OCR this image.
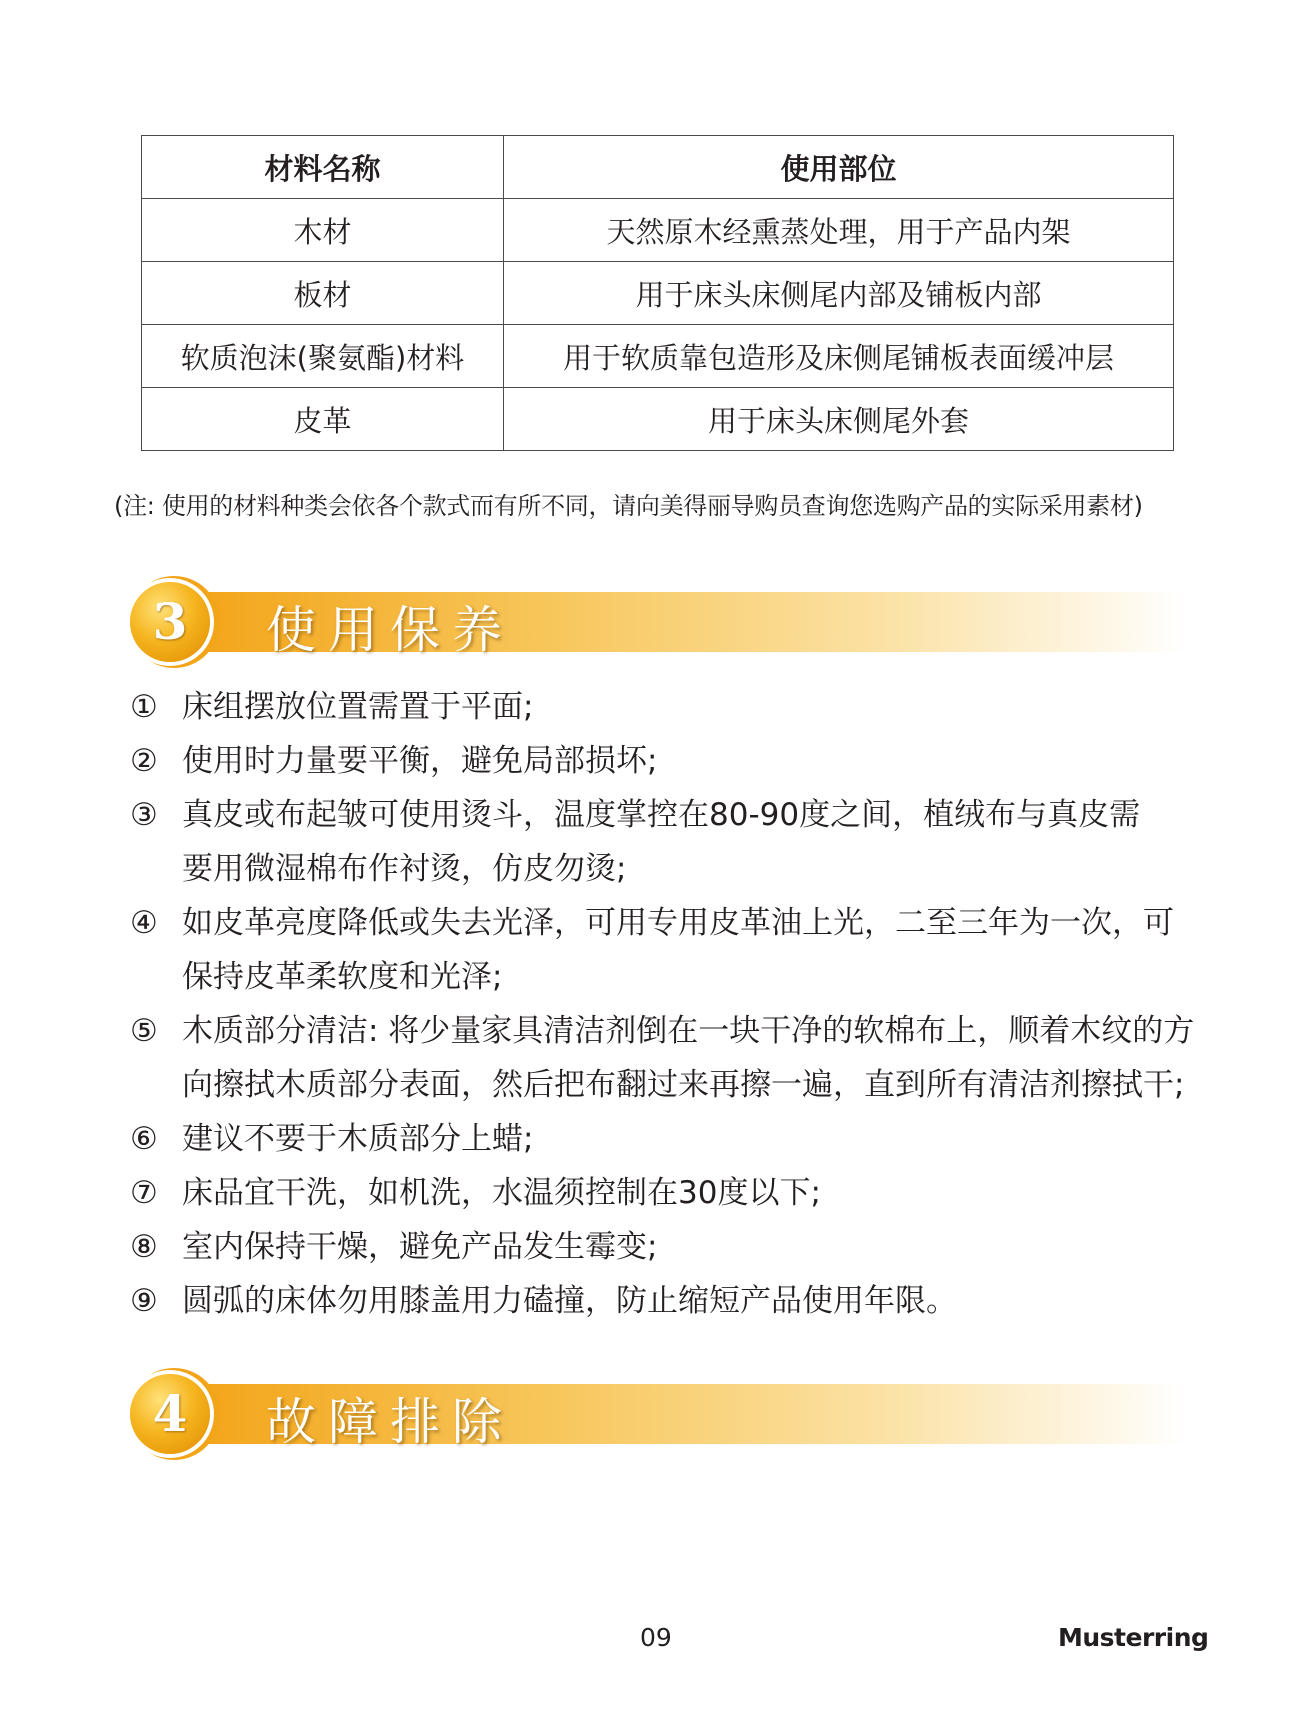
材料名称	使用部位
木材	天然原木经熏蒸处理，用于产品内架
板材	用于床头床侧尾内部及铺板内部
软质泡沫(聚氨酯)材料	用于软质靠包造形及床侧尾铺板表面缓冲层
皮革	用于床头床侧尾外套
(注: 使用的材料种类会依各个款式而有所不同，请向美得丽导购员查询您选购产品的实际采用素材)
3	使用保养
① 床组摆放位置需置于平面;
② 使用时力量要平衡，避免局部损坏;
③ 真皮或布起皱可使用烫斗，温度掌控在80-90度之间，植绒布与真皮需
要用微湿棉布作衬烫，仿皮勿烫;
④ 如皮革亮度降低或失去光泽，可用专用皮革油上光，二至三年为一次，可
保持皮革柔软度和光泽;
⑤ 木质部分清洁: 将少量家具清洁剂倒在一块干净的软棉布上，顺着木纹的方
向擦拭木质部分表面，然后把布翻过来再擦一遍，直到所有清洁剂擦拭干;
⑥ 建议不要于木质部分上蜡;
⑦ 床品宜干洗，如机洗，水温须控制在30度以下;
⑧ 室内保持干燥，避免产品发生霉变;
⑨ 圆弧的床体勿用膝盖用力磕撞，防止缩短产品使用年限。
4	故障排除
09	Musterring
